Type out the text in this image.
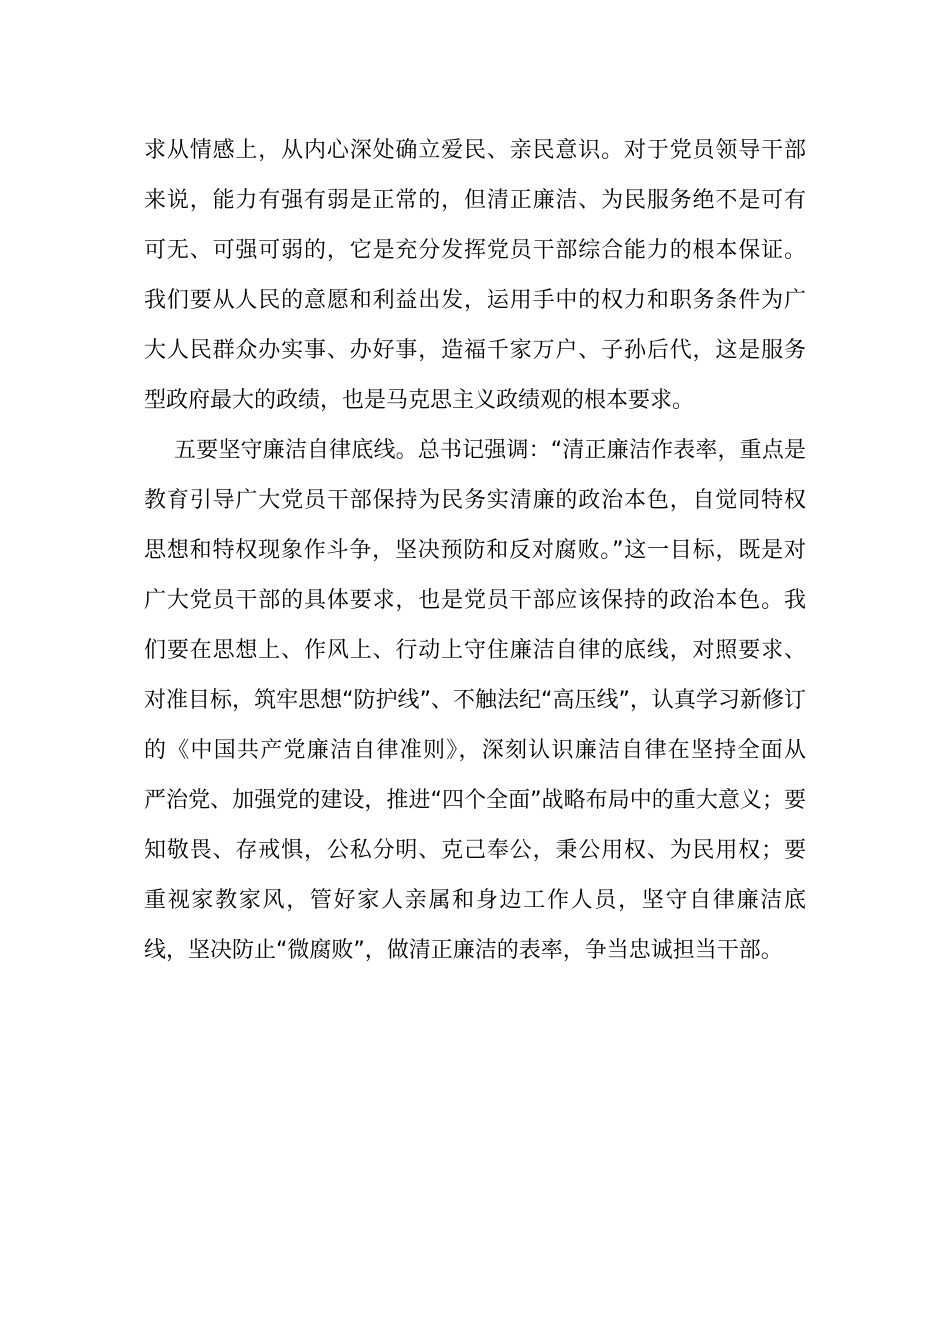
求从情感上，从内心深处确立爱民、亲民意识。对于党员领导干部
来说，能力有强有弱是正常的，但清正廉洁、为民服务绝不是可有
可无、可强可弱的，它是充分发挥党员干部综合能力的根本保证。
我们要从人民的意愿和利益出发，运用手中的权力和职务条件为广
大人民群众办实事、办好事，造福千家万户、子孙后代，这是服务
型政府最大的政绩，也是马克思主义政绩观的根本要求。
五要坚守廉洁自律底线。总书记强调：“清正廉洁作表率，重点是
教育引导广大党员干部保持为民务实清廉的政治本色，自觉同特权
思想和特权现象作斗争，坚决预防和反对腐败。”这一目标，既是对
广大党员干部的具体要求，也是党员干部应该保持的政治本色。我
们要在思想上、作风上、行动上守住廉洁自律的底线，对照要求、
对准目标，筑牢思想“防护线”、不触法纪“高压线”，认真学习新修订
的《中国共产党廉洁自律准则》，深刻认识廉洁自律在坚持全面从
严治党、加强党的建设，推进“四个全面”战略布局中的重大意义；要
知敬畏、存戒惧，公私分明、克己奉公，秉公用权、为民用权；要
重视家教家风，管好家人亲属和身边工作人员，坚守自律廉洁底
线，坚决防止“微腐败”，做清正廉洁的表率，争当忠诚担当干部。
